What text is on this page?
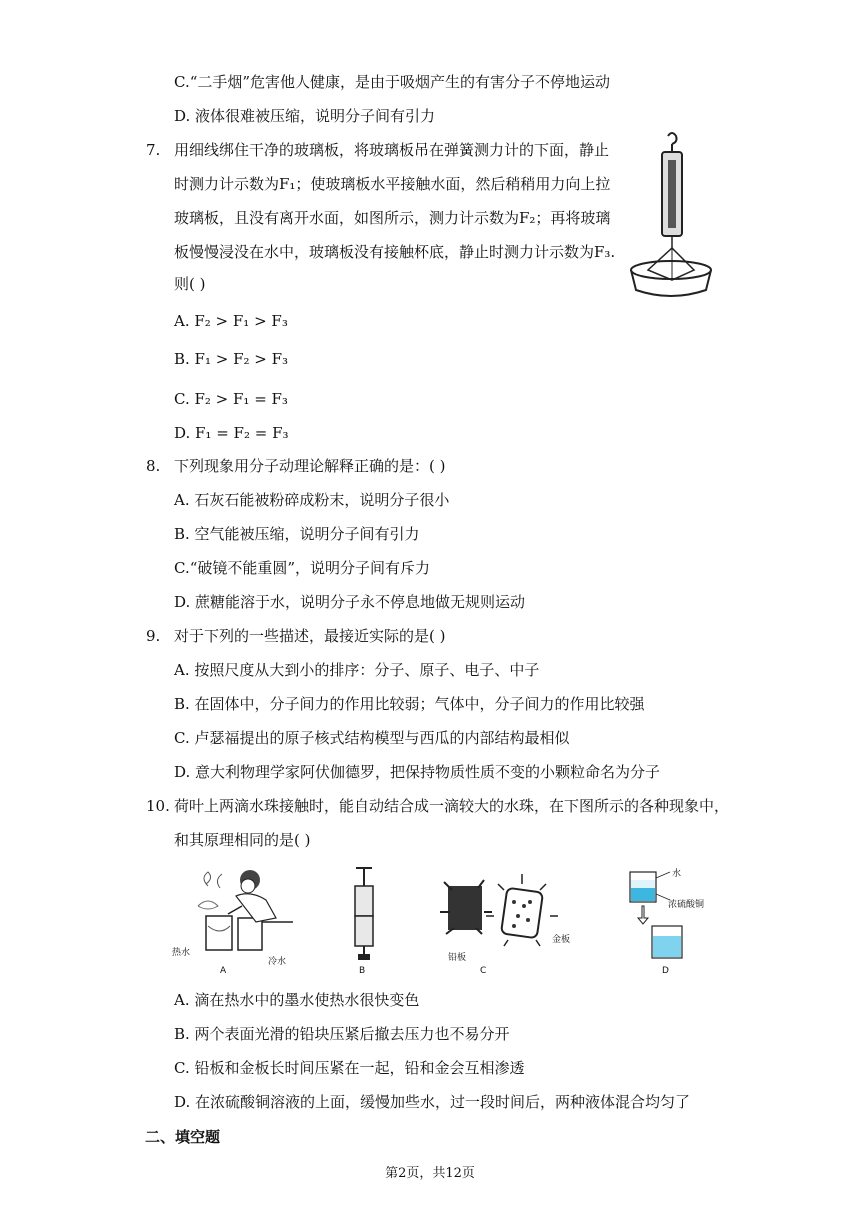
C.“二手烟”危害他人健康，是由于吸烟产生的有害分子不停地运动
D. 液体很难被压缩，说明分子间有引力
7. 用细线绑住干净的玻璃板，将玻璃板吊在弹簧测力计的下面，静止
时测力计示数为F₁；使玻璃板水平接触水面，然后稍稍用力向上拉
玻璃板，且没有离开水面，如图所示，测力计示数为F₂；再将玻璃
板慢慢浸没在水中，玻璃板没有接触杯底，静止时测力计示数为F₃.
则( )
A. F₂ > F₁ > F₃
B. F₁ > F₂ > F₃
C. F₂ > F₁ = F₃
D. F₁ = F₂ = F₃
8. 下列现象用分子动理论解释正确的是：( )
A. 石灰石能被粉碎成粉末，说明分子很小
B. 空气能被压缩，说明分子间有引力
C.“破镜不能重圆”，说明分子间有斥力
D. 蔗糖能溶于水，说明分子永不停息地做无规则运动
9. 对于下列的一些描述，最接近实际的是( )
A. 按照尺度从大到小的排序：分子、原子、电子、中子
B. 在固体中，分子间力的作用比较弱；气体中，分子间力的作用比较强
C. 卢瑟福提出的原子核式结构模型与西瓜的内部结构最相似
D. 意大利物理学家阿伏伽德罗，把保持物质性质不变的小颗粒命名为分子
10. 荷叶上两滴水珠接触时，能自动结合成一滴较大的水珠，在下图所示的各种现象中，
和其原理相同的是( )
热水
冷水
A	B
金板
铅板
C
水
浓硫酸铜
D
A. 滴在热水中的墨水使热水很快变色
B. 两个表面光滑的铅块压紧后撤去压力也不易分开
C. 铅板和金板长时间压紧在一起，铅和金会互相渗透
D. 在浓硫酸铜溶液的上面，缓慢加些水，过一段时间后，两种液体混合均匀了
二、填空题
第2页，共12页
